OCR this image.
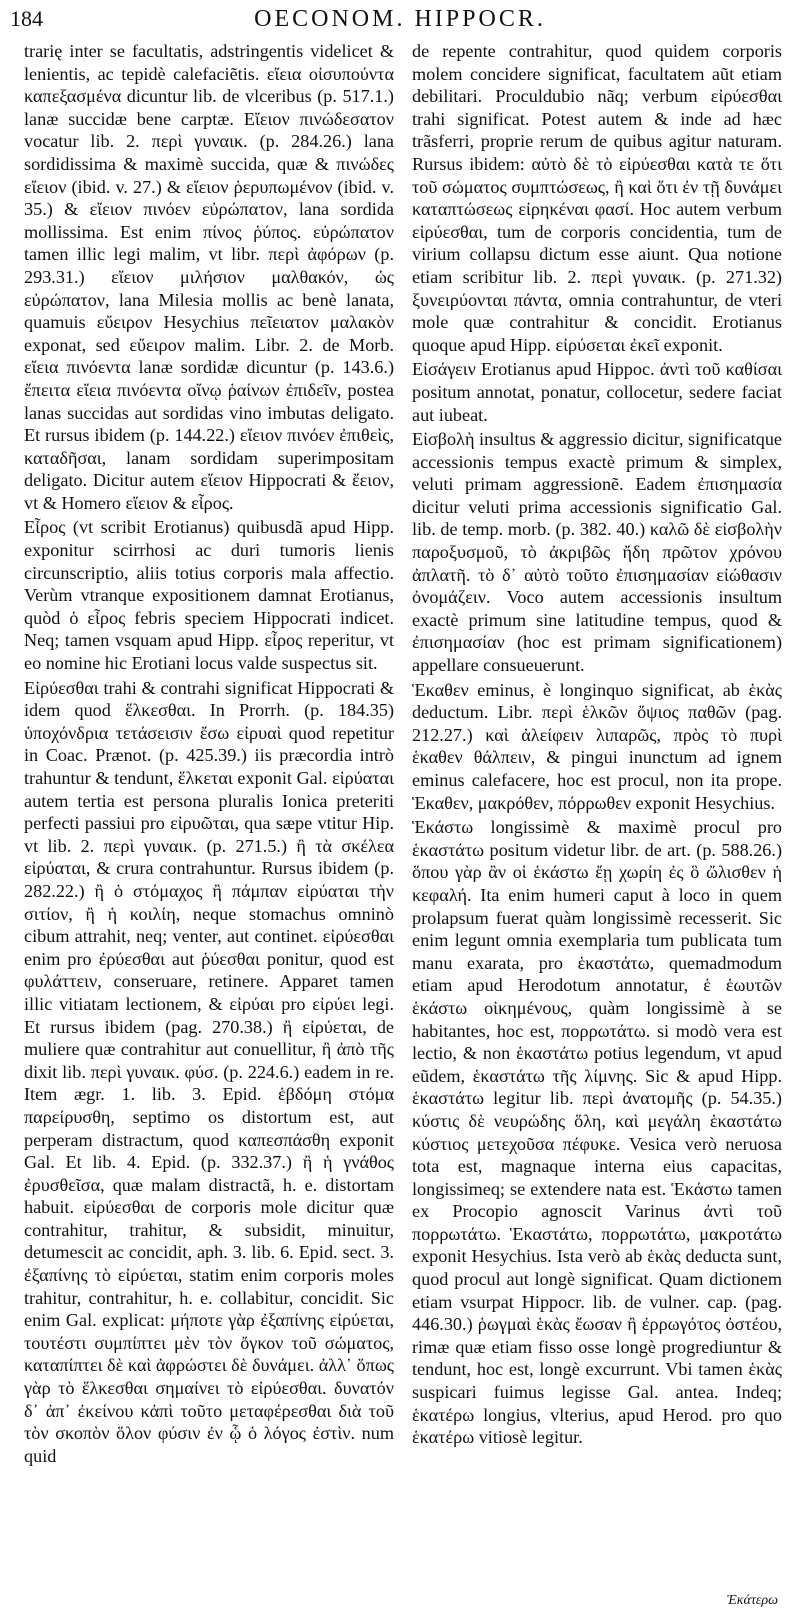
184	OECONOM. HIPPOCR.

trarię inter se facultatis, adstringentis videlicet & lenientis, ac tepidè calefaciẽtis. εἴεια οἰσυπούντα καπεξασμένα dicuntur lib. de vlceribus (p. 517.1.) lanæ succidæ bene carptæ. Εἴειον πινώδεσατον vocatur lib. 2. περὶ γυναικ. (p. 284.26.) lana sordidissima & maximè succida, quæ & πινώδες εἴειον (ibid. v. 27.) & εἴειον ῥερυπωμένον (ibid. v. 35.) & εἴειον πινόεν εὐρώπατον, lana sordida mollissima. Est enim πίνος ῥύπος. εὐρώπατον tamen illic legi malim, vt libr. περὶ ἀφόρων (p. 293.31.) εἴειον μιλήσιον μαλθακόν, ὡς εὐρώπατον, lana Milesia mollis ac benè lanata, quamuis εὔειρον Hesychius πεῖειατον μαλακὸν exponat, sed εὔειρον malim. Libr. 2. de Morb. εἴεια πινόεντα lanæ sordidæ dicuntur (p. 143.6.) ἔπειτα εἴεια πινόεντα οἴνῳ ῥαίνων ἐπιδεῖν, postea lanas succidas aut sordidas vino imbutas deligato. Et rursus ibidem (p. 144.22.) εἴειον πινόεν ἐπιθεὶς, καταδῆσαι, lanam sordidam superimpositam deligato. Dicitur autem εἴειον Hippocrati & ἔειον, vt & Homero εἴειον & εἶρος.

Εἶρος (vt scribit Erotianus) quibusdã apud Hipp. exponitur scirrhosi ac duri tumoris lienis circunscriptio, aliis totius corporis mala affectio. Verùm vtranque expositionem damnat Erotianus, quòd ὁ εἶρος febris speciem Hippocrati indicet. Neq; tamen vsquam apud Hipp. εἶρος reperitur, vt eo nomine hic Erotiani locus valde suspectus sit.

Εἰρύεσθαι trahi & contrahi significat Hippocrati & idem quod ἕλκεσθαι. In Prorrh. (p. 184.35) ὑποχόνδρια τετάσεισιν ἔσω εἰρυαὶ quod repetitur in Coac. Prænot. (p. 425.39.) iis præcordia intrò trahuntur & tendunt, ἕλκεται exponit Gal. εἰρύαται autem tertia est persona pluralis Ionica preteriti perfecti passiui pro εἰρυῶται, qua sæpe vtitur Hip. vt lib. 2. περὶ γυναικ. (p. 271.5.) ἢ τὰ σκέλεα εἰρύαται, & crura contrahuntur. Rursus ibidem (p. 282.22.) ἢ ὁ στόμαχος ἢ πάμπαν εἰρύαται τὴν σιτίον, ἢ ἡ κοιλίη, neque stomachus omninò cibum attrahit, neq; venter, aut continet. εἰρύεσθαι enim pro ἐρύεσθαι aut ῥύεσθαι ponitur, quod est φυλάττειν, conseruare, retinere. Apparet tamen illic vitiatam lectionem, & εἰρύαι pro εἰρύει legi. Et rursus ibidem (pag. 270.38.) ἢ εἰρύεται, de muliere quæ contrahitur aut conuellitur, ἢ ἀπὸ τῆς dixit lib. περὶ γυναικ. φύσ. (p. 224.6.) eadem in re. Item ægr. 1. lib. 3. Epid. ἑβδόμη στόμα παρείρυσθη, septimo os distortum est, aut perperam distractum, quod καπεσπάσθη exponit Gal. Et lib. 4. Epid. (p. 332.37.) ἢ ἡ γνάθος ἐρυσθεῖσα, quæ malam distractã, h. e. distortam habuit. εἰρύεσθαι de corporis mole dicitur quæ contrahitur, trahitur, & subsidit, minuitur, detumescit ac concidit, aph. 3. lib. 6. Epid. sect. 3. ἐξαπίνης τὸ εἰρύεται, statim enim corporis moles trahitur, contrahitur, h. e. collabitur, concidit. Sic enim Gal. explicat: μήποτε γὰρ ἐξαπίνης εἰρύεται, τουτέστι συμπίπτει μὲν τὸν ὄγκον τοῦ σώματος, καταπίπτει δὲ καὶ ἀφρώστει δὲ δυνάμει. ἀλλ᾽ ὅπως γὰρ τὸ ἕλκεσθαι σημαίνει τὸ εἰρύεσθαι. δυνατόν δ᾽ ἀπ᾽ ἐκείνου κἀπὶ τοῦτο μεταφέρεσθαι διὰ τοῦ τὸν σκοπὸν ὅλον φύσιν ἐν ᾧ ὁ λόγος ἐστὶν. num quid

de repente contrahitur, quod quidem corporis molem concidere significat, facultatem aũt etiam debilitari. Proculdubio nãq; verbum εἰρύεσθαι trahi significat. Potest autem & inde ad hæc trãsferri, proprie rerum de quibus agitur naturam. Rursus ibidem: αὐτὸ δὲ τὸ εἰρύεσθαι κατὰ τε ὅτι τοῦ σώματος συμπτώσεως, ἢ καὶ ὅτι ἐν τῇ δυνάμει καταπτώσεως εἰρηκέναι φασί. Hoc autem verbum εἰρύεσθαι, tum de corporis concidentia, tum de virium collapsu dictum esse aiunt. Qua notione etiam scribitur lib. 2. περὶ γυναικ. (p. 271.32) ξυνειρύονται πάντα, omnia contrahuntur, de vteri mole quæ contrahitur & concidit. Erotianus quoque apud Hipp. εἰρύσεται ἐκεῖ exponit.

Εἰσάγειν Erotianus apud Hippoc. ἀντὶ τοῦ καθίσαι positum annotat, ponatur, collocetur, sedere faciat aut iubeat.

Εἰσβολὴ insultus & aggressio dicitur, significatque accessionis tempus exactè primum & simplex, veluti primam aggressionẽ. Eadem ἐπισημασία dicitur veluti prima accessionis significatio Gal. lib. de temp. morb. (p. 382. 40.) καλῶ δὲ εἰσβολὴν παροξυσμοῦ, τὸ ἀκριβῶς ἤδη πρῶτον χρόνου ἀπλατῆ. τὸ δ᾽ αὐτὸ τοῦτο ἐπισημασίαν εἰώθασιν ὀνομάζειν. Voco autem accessionis insultum exactè primum sine latitudine tempus, quod & ἐπισημασίαν (hoc est primam significationem) appellare consueuerunt.

Ἑκαθεν eminus, è longinquo significat, ab ἑκὰς deductum. Libr. περὶ ἑλκῶν ὄψιος παθῶν (pag. 212.27.) καὶ ἀλείφειν λιπαρῶς, πρὸς τὸ πυρὶ ἑκαθεν θάλπειν, & pingui inunctum ad ignem eminus calefacere, hoc est procul, non ita prope. Ἑκαθεν, μακρόθεν, πόρρωθεν exponit Hesychius.

Ἑκάστω longissimè & maximè procul pro ἑκαστάτω positum videtur libr. de art. (p. 588.26.) ὅπου γὰρ ἂν οἱ ἑκάστω ἔῃ χωρίη ἐς ὃ ὤλισθεν ἡ κεφαλή. Ita enim humeri caput à loco in quem prolapsum fuerat quàm longissimè recesserit. Sic enim legunt omnia exemplaria tum publicata tum manu exarata, pro ἑκαστάτω, quemadmodum etiam apud Herodotum annotatur, ἑ ἑωυτῶν ἑκάστω οἰκημένους, quàm longissimè à se habitantes, hoc est, πορρωτάτω. si modò vera est lectio, & non ἑκαστάτω potius legendum, vt apud eũdem, ἑκαστάτω τῆς λίμνης. Sic & apud Hipp. ἑκαστάτω legitur lib. περὶ ἀνατομῆς (p. 54.35.) κύστις δὲ νευρώδης ὅλη, καὶ μεγάλη ἑκαστάτω κύστιος μετεχοῦσα πέφυκε. Vesica verò neruosa tota est, magnaque interna eius capacitas, longissimeq; se extendere nata est. Ἑκάστω tamen ex Procopio agnoscit Varinus ἀντὶ τοῦ πορρωτάτω. Ἑκαστάτω, πορρωτάτω, μακροτάτω exponit Hesychius. Ista verò ab ἑκὰς deducta sunt, quod procul aut longè significat. Quam dictionem etiam vsurpat Hippocr. lib. de vulner. cap. (pag. 446.30.) ῥωγμαὶ ἑκὰς ἔωσαν ἢ ἐρρωγότος ὀστέου, rimæ quæ etiam fisso osse longè progrediuntur & tendunt, hoc est, longè excurrunt. Vbi tamen ἑκὰς suspicari fuimus legisse Gal. antea. Indeq; ἑκατέρω longius, vlterius, apud Herod. pro quo ἑκατέρω vitiosè legitur.

Ἑκάτερω
